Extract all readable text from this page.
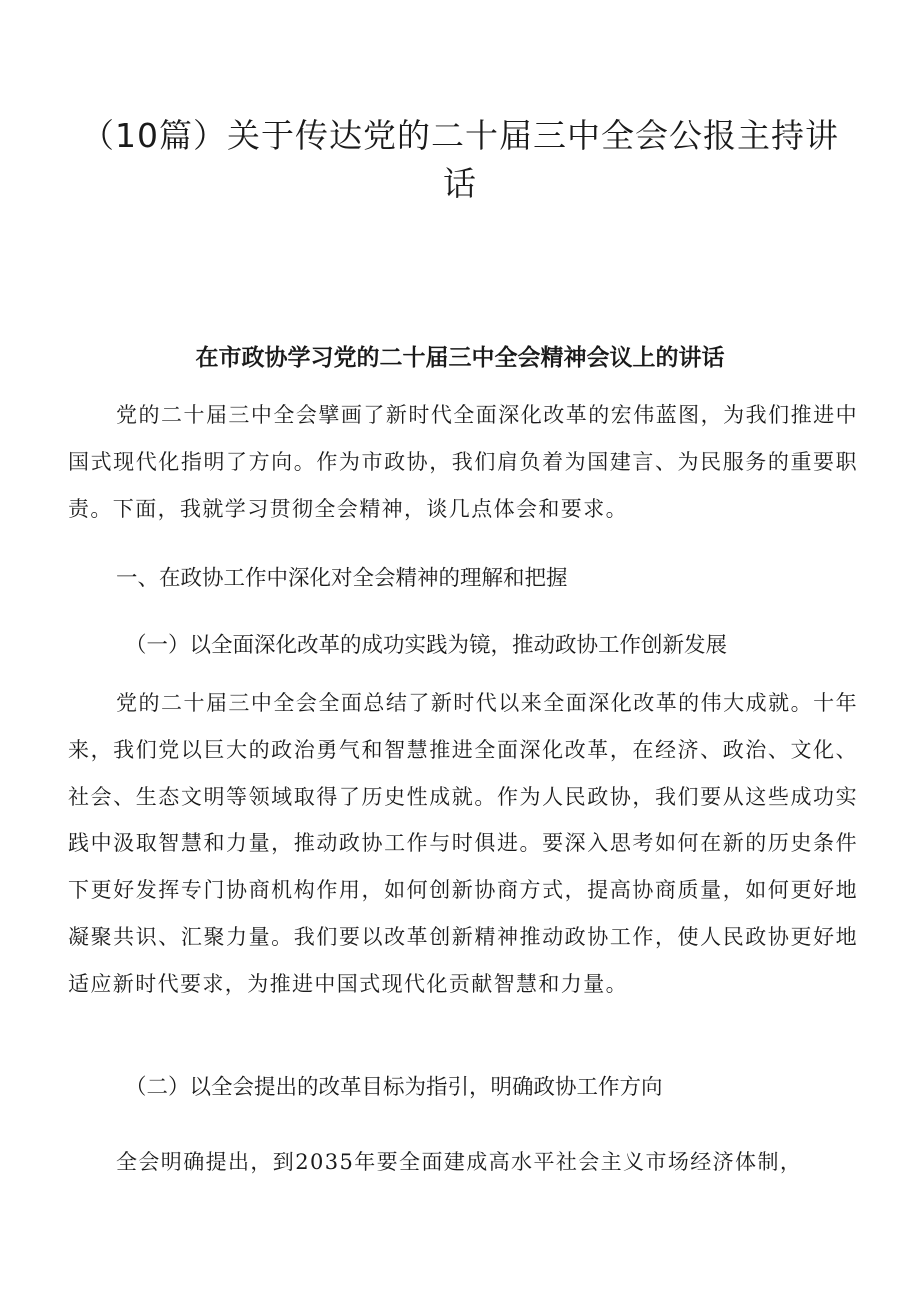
（10篇）关于传达党的二十届三中全会公报主持讲话
在市政协学习党的二十届三中全会精神会议上的讲话

党的二十届三中全会擘画了新时代全面深化改革的宏伟蓝图，为我们推进中国式现代化指明了方向。作为市政协，我们肩负着为国建言、为民服务的重要职责。下面，我就学习贯彻全会精神，谈几点体会和要求。

一、在政协工作中深化对全会精神的理解和把握
（一）以全面深化改革的成功实践为镜，推动政协工作创新发展

党的二十届三中全会全面总结了新时代以来全面深化改革的伟大成就。十年来，我们党以巨大的政治勇气和智慧推进全面深化改革，在经济、政治、文化、社会、生态文明等领域取得了历史性成就。作为人民政协，我们要从这些成功实践中汲取智慧和力量，推动政协工作与时俱进。要深入思考如何在新的历史条件下更好发挥专门协商机构作用，如何创新协商方式，提高协商质量，如何更好地凝聚共识、汇聚力量。我们要以改革创新精神推动政协工作，使人民政协更好地适应新时代要求，为推进中国式现代化贡献智慧和力量。

（二）以全会提出的改革目标为指引，明确政协工作方向

全会明确提出，到2035年要全面建成高水平社会主义市场经济体制，
